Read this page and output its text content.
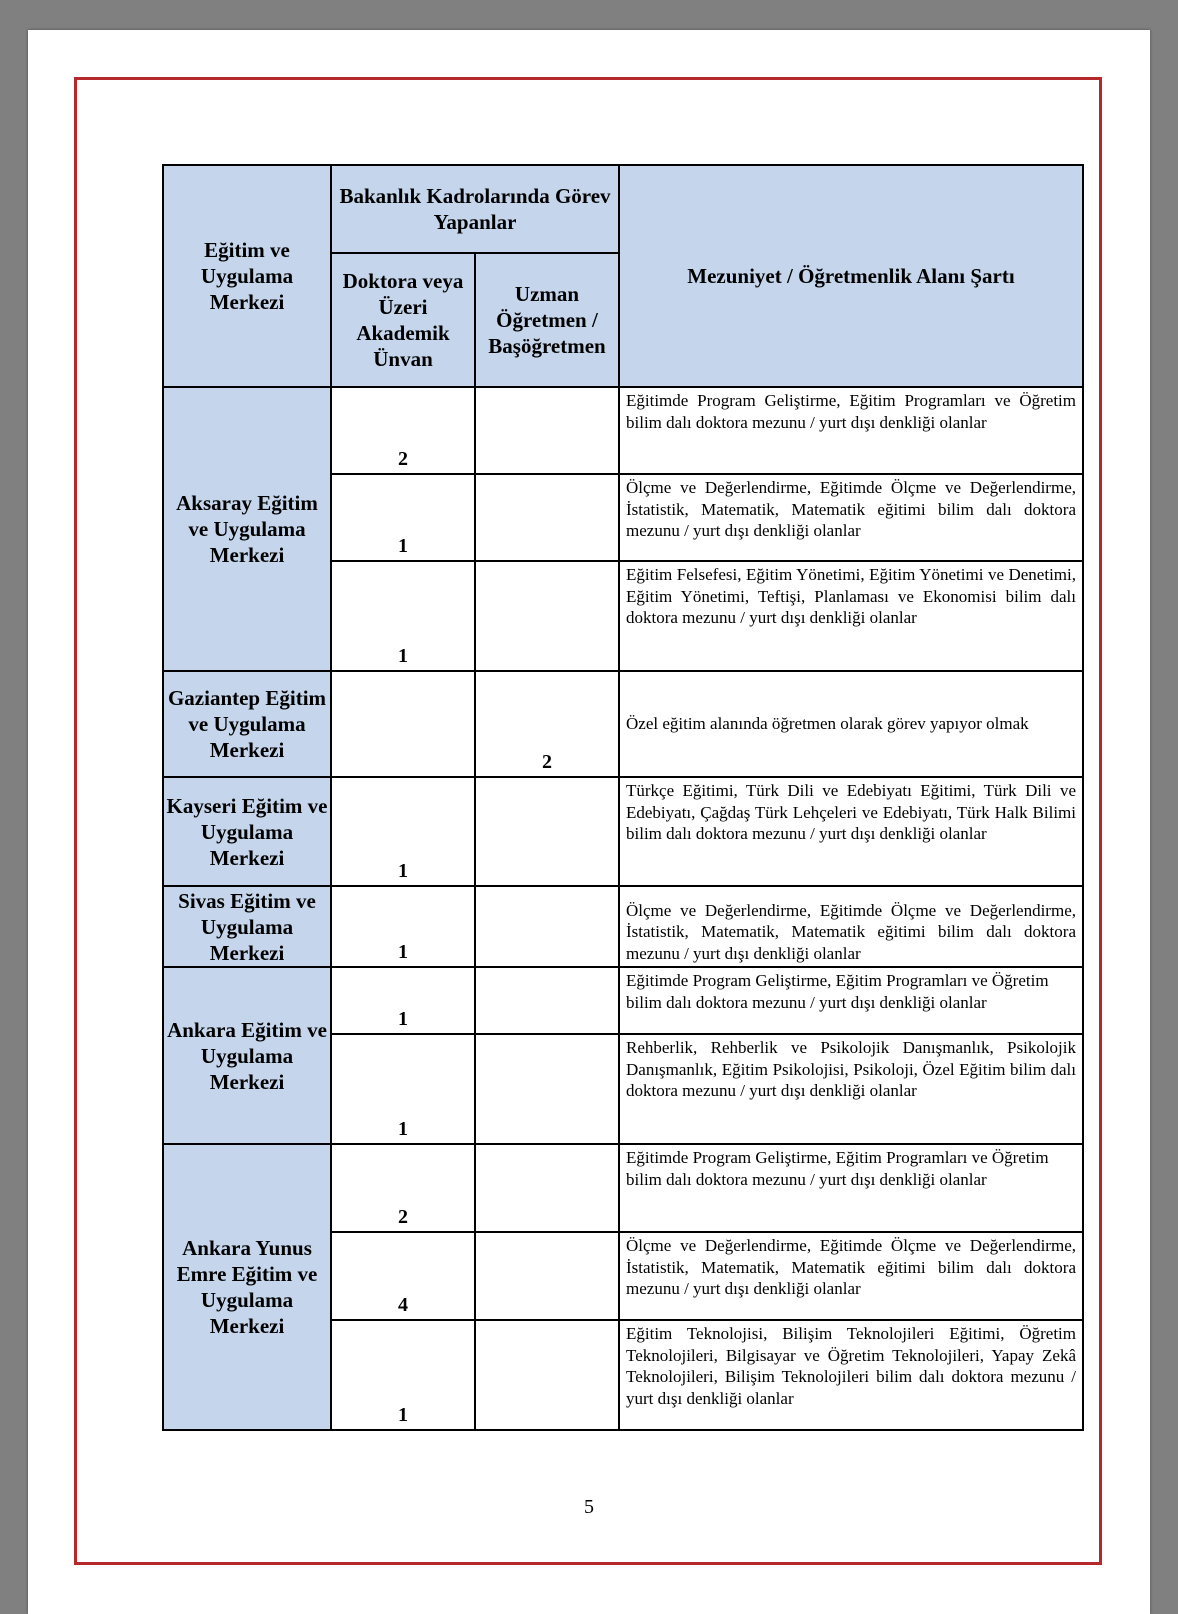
Eğitim ve Uygulama Merkezi	Bakanlık Kadrolarında Görev Yapanlar		Mezuniyet / Öğretmenlik Alanı Şartı
	Doktora veya Üzeri Akademik Ünvan	Uzman Öğretmen / Başöğretmen	
Aksaray Eğitim ve Uygulama Merkezi	2		Eğitimde Program Geliştirme, Eğitim Programları ve Öğretim bilim dalı doktora mezunu / yurt dışı denkliği olanlar
	1		Ölçme ve Değerlendirme, Eğitimde Ölçme ve Değerlendirme, İstatistik, Matematik, Matematik eğitimi bilim dalı doktora mezunu / yurt dışı denkliği olanlar
	1		Eğitim Felsefesi, Eğitim Yönetimi, Eğitim Yönetimi ve Denetimi, Eğitim Yönetimi, Teftişi, Planlaması ve Ekonomisi bilim dalı doktora mezunu / yurt dışı denkliği olanlar
Gaziantep Eğitim ve Uygulama Merkezi		2	Özel eğitim alanında öğretmen olarak görev yapıyor olmak
Kayseri Eğitim ve Uygulama Merkezi	1		Türkçe Eğitimi, Türk Dili ve Edebiyatı Eğitimi, Türk Dili ve Edebiyatı, Çağdaş Türk Lehçeleri ve Edebiyatı, Türk Halk Bilimi bilim dalı doktora mezunu / yurt dışı denkliği olanlar
Sivas Eğitim ve Uygulama Merkezi	1		Ölçme ve Değerlendirme, Eğitimde Ölçme ve Değerlendirme, İstatistik, Matematik, Matematik eğitimi bilim dalı doktora mezunu / yurt dışı denkliği olanlar
Ankara Eğitim ve Uygulama Merkezi	1		Eğitimde Program Geliştirme, Eğitim Programları ve Öğretim bilim dalı doktora mezunu / yurt dışı denkliği olanlar
	1		Rehberlik, Rehberlik ve Psikolojik Danışmanlık, Psikolojik Danışmanlık, Eğitim Psikolojisi, Psikoloji, Özel Eğitim bilim dalı doktora mezunu / yurt dışı denkliği olanlar
Ankara Yunus Emre Eğitim ve Uygulama Merkezi	2		Eğitimde Program Geliştirme, Eğitim Programları ve Öğretim bilim dalı doktora mezunu / yurt dışı denkliği olanlar
	4		Ölçme ve Değerlendirme, Eğitimde Ölçme ve Değerlendirme, İstatistik, Matematik, Matematik eğitimi bilim dalı doktora mezunu / yurt dışı denkliği olanlar
	1		Eğitim Teknolojisi, Bilişim Teknolojileri Eğitimi, Öğretim Teknolojileri, Bilgisayar ve Öğretim Teknolojileri, Yapay Zekâ Teknolojileri, Bilişim Teknolojileri bilim dalı doktora mezunu / yurt dışı denkliği olanlar
5
